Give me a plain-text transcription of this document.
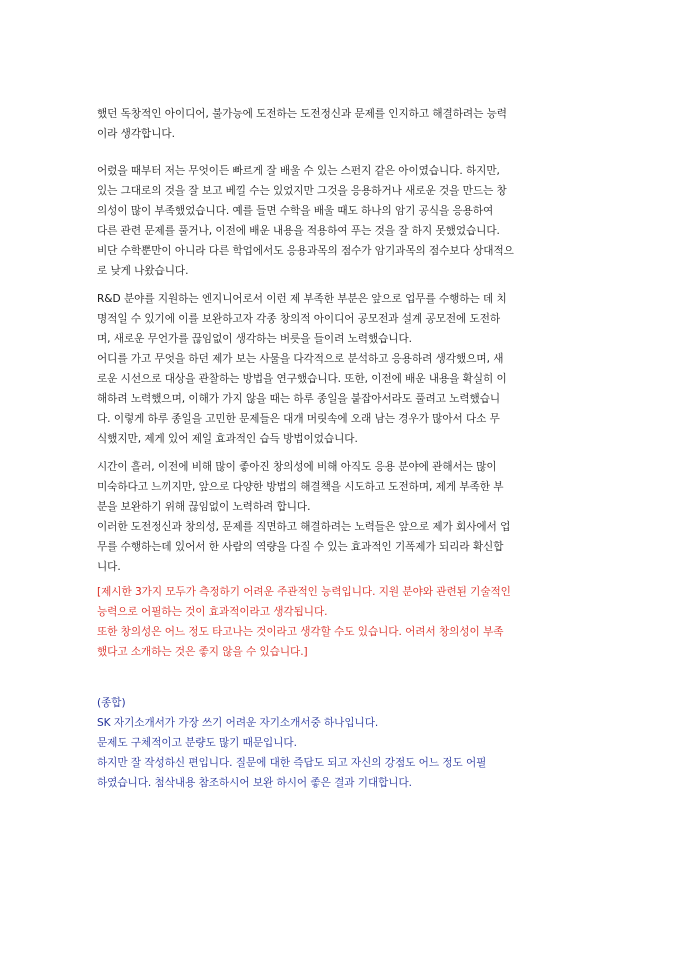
했던 독창적인 아이디어, 불가능에 도전하는 도전정신과 문제를 인지하고 해결하려는 능력
이라 생각합니다.
어렸을 때부터 저는 무엇이든 빠르게 잘 배울 수 있는 스펀지 같은 아이였습니다. 하지만,
있는 그대로의 것을 잘 보고 베낄 수는 있었지만 그것을 응용하거나 새로운 것을 만드는 창
의성이 많이 부족했었습니다. 예를 들면 수학을 배울 때도 하나의 암기 공식을 응용하여
다른 관련 문제를 풀거나, 이전에 배운 내용을 적용하여 푸는 것을 잘 하지 못했었습니다.
비단 수학뿐만이 아니라 다른 학업에서도 응용과목의 점수가 암기과목의 점수보다 상대적으
로 낮게 나왔습니다.
R&D 분야를 지원하는 엔지니어로서 이런 제 부족한 부분은 앞으로 업무를 수행하는 데 치
명적일 수 있기에 이를 보완하고자 각종 창의적 아이디어 공모전과 설계 공모전에 도전하
며, 새로운 무언가를 끊임없이 생각하는 버릇을 들이려 노력했습니다.
어디를 가고 무엇을 하던 제가 보는 사물을 다각적으로 분석하고 응용하려 생각했으며, 새
로운 시선으로 대상을 관찰하는 방법을 연구했습니다. 또한, 이전에 배운 내용을 확실히 이
해하려 노력했으며, 이해가 가지 않을 때는 하루 종일을 붙잡아서라도 풀려고 노력했습니
다. 이렇게 하루 종일을 고민한 문제들은 대개 머릿속에 오래 남는 경우가 많아서 다소 무
식했지만, 제게 있어 제일 효과적인 습득 방법이었습니다.
시간이 흘러, 이전에 비해 많이 좋아진 창의성에 비해 아직도 응용 분야에 관해서는 많이
미숙하다고 느끼지만, 앞으로 다양한 방법의 해결책을 시도하고 도전하며, 제게 부족한 부
분을 보완하기 위해 끊임없이 노력하려 합니다.
이러한 도전정신과 창의성, 문제를 직면하고 해결하려는 노력들은 앞으로 제가 회사에서 업
무를 수행하는데 있어서 한 사람의 역량을 다질 수 있는 효과적인 기폭제가 되리라 확신합
니다.
[제시한 3가지 모두가 측정하기 어려운 주관적인 능력입니다. 지원 분야와 관련된 기술적인
능력으로 어필하는 것이 효과적이라고 생각됩니다.
또한 창의성은 어느 정도 타고나는 것이라고 생각할 수도 있습니다. 어려서 창의성이 부족
했다고 소개하는 것은 좋지 않을 수 있습니다.]
(종합)
SK 자기소개서가 가장 쓰기 어려운 자기소개서중 하나입니다.
문제도 구체적이고 분량도 많기 때문입니다.
하지만 잘 작성하신 편입니다. 질문에 대한 즉답도 되고 자신의 강점도 어느 정도 어필
하였습니다. 첨삭내용 참조하시어 보완 하시어 좋은 결과 기대합니다.
